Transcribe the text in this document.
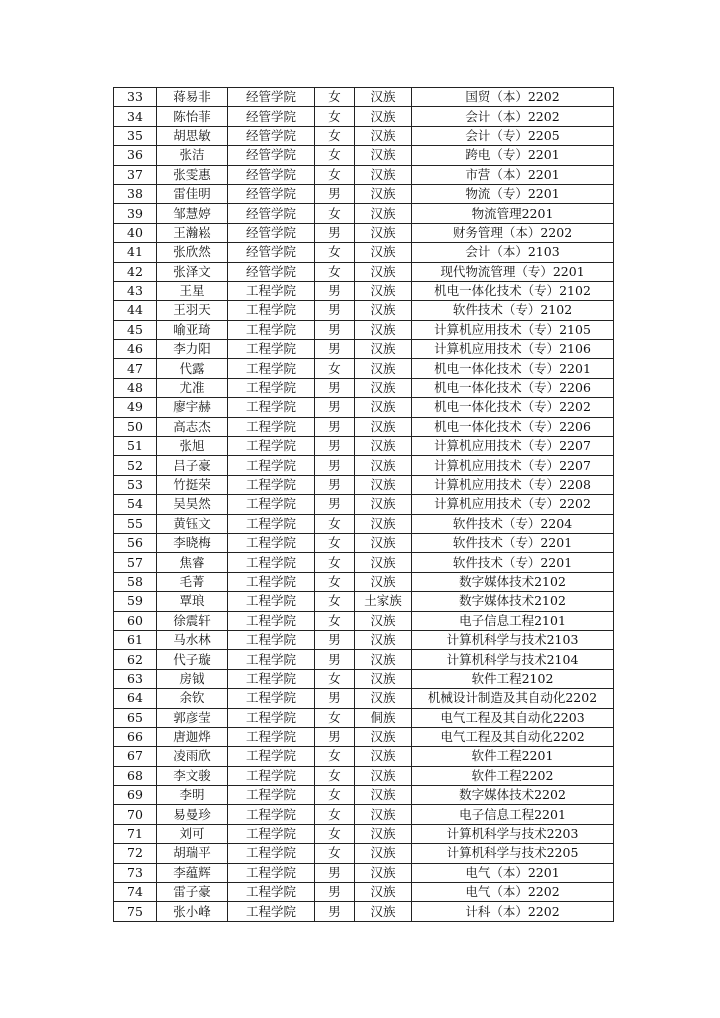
33	蒋易非	经管学院	女	汉族	国贸（本）2202
34	陈怡菲	经管学院	女	汉族	会计（本）2202
35	胡思敏	经管学院	女	汉族	会计（专）2205
36	张洁	经管学院	女	汉族	跨电（专）2201
37	张雯惠	经管学院	女	汉族	市营（本）2201
38	雷佳明	经管学院	男	汉族	物流（专）2201
39	邹慧婷	经管学院	女	汉族	物流管理2201
40	王瀚崧	经管学院	男	汉族	财务管理（本）2202
41	张欣然	经管学院	女	汉族	会计（本）2103
42	张泽文	经管学院	女	汉族	现代物流管理（专）2201
43	王星	工程学院	男	汉族	机电一体化技术（专）2102
44	王羽天	工程学院	男	汉族	软件技术（专）2102
45	喻亚琦	工程学院	男	汉族	计算机应用技术（专）2105
46	李力阳	工程学院	男	汉族	计算机应用技术（专）2106
47	代露	工程学院	女	汉族	机电一体化技术（专）2201
48	尤准	工程学院	男	汉族	机电一体化技术（专）2206
49	廖宇赫	工程学院	男	汉族	机电一体化技术（专）2202
50	高志杰	工程学院	男	汉族	机电一体化技术（专）2206
51	张旭	工程学院	男	汉族	计算机应用技术（专）2207
52	吕子豪	工程学院	男	汉族	计算机应用技术（专）2207
53	竹挺荣	工程学院	男	汉族	计算机应用技术（专）2208
54	吴昊然	工程学院	男	汉族	计算机应用技术（专）2202
55	黄钰文	工程学院	女	汉族	软件技术（专）2204
56	李晓梅	工程学院	女	汉族	软件技术（专）2201
57	焦睿	工程学院	女	汉族	软件技术（专）2201
58	毛菁	工程学院	女	汉族	数字媒体技术2102
59	覃琅	工程学院	女	土家族	数字媒体技术2102
60	徐震轩	工程学院	女	汉族	电子信息工程2101
61	马水林	工程学院	男	汉族	计算机科学与技术2103
62	代子璇	工程学院	男	汉族	计算机科学与技术2104
63	房钺	工程学院	女	汉族	软件工程2102
64	余钦	工程学院	男	汉族	机械设计制造及其自动化2202
65	郭彦莹	工程学院	女	侗族	电气工程及其自动化2203
66	唐迦烨	工程学院	男	汉族	电气工程及其自动化2202
67	凌雨欣	工程学院	女	汉族	软件工程2201
68	李文骏	工程学院	女	汉族	软件工程2202
69	李明	工程学院	女	汉族	数字媒体技术2202
70	易曼珍	工程学院	女	汉族	电子信息工程2201
71	刘可	工程学院	女	汉族	计算机科学与技术2203
72	胡瑞平	工程学院	女	汉族	计算机科学与技术2205
73	李蕴辉	工程学院	男	汉族	电气（本）2201
74	雷子豪	工程学院	男	汉族	电气（本）2202
75	张小峰	工程学院	男	汉族	计科（本）2202
